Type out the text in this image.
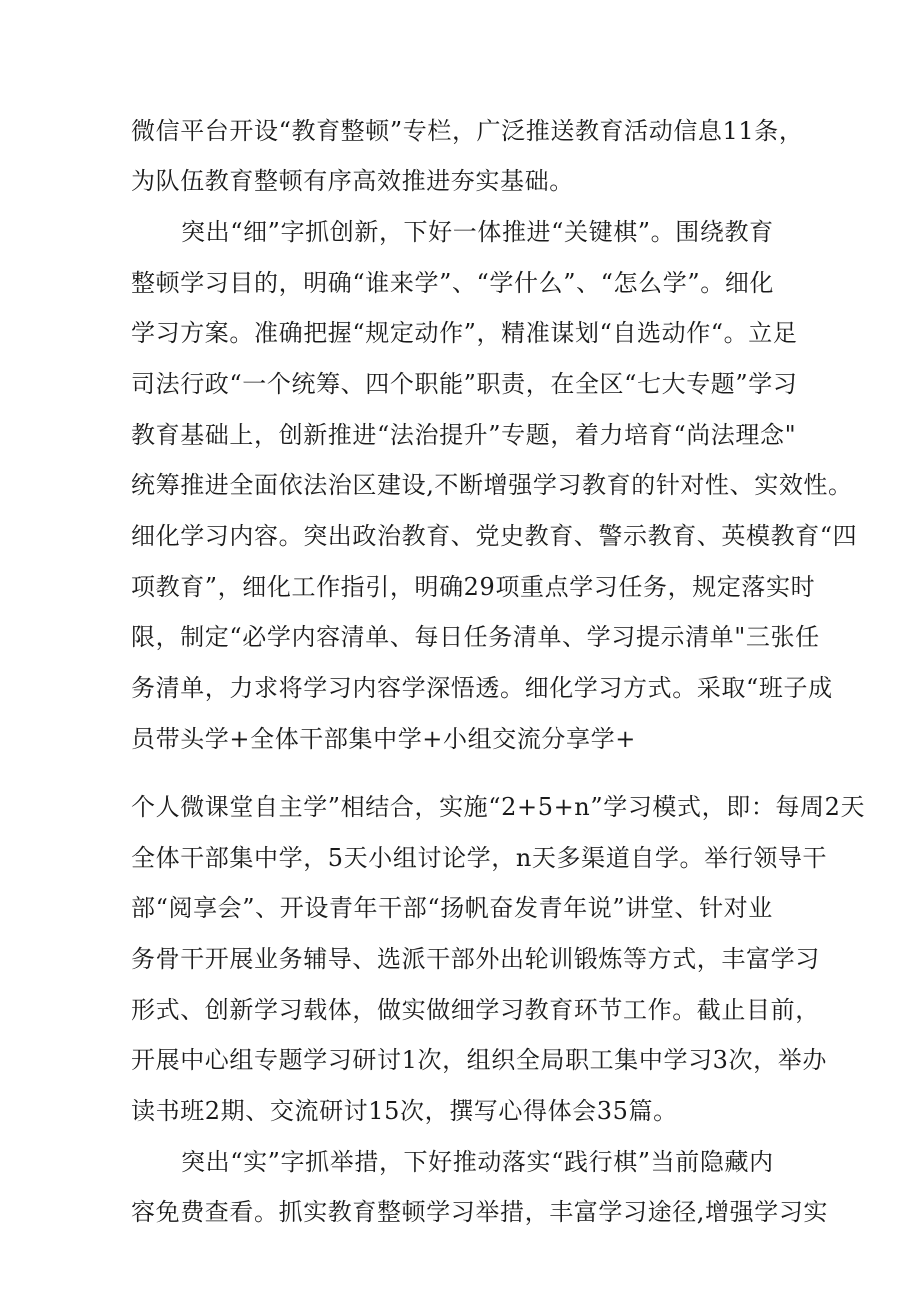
微信平台开设“教育整顿”专栏，广泛推送教育活动信息11条，
为队伍教育整顿有序高效推进夯实基础。
突出“细”字抓创新，下好一体推进“关键棋”。围绕教育
整顿学习目的，明确“谁来学”、“学什么”、“怎么学”。细化
学习方案。准确把握“规定动作”，精准谋划“自选动作“。立足
司法行政“一个统筹、四个职能”职责，在全区“七大专题”学习
教育基础上，创新推进“法治提升”专题，着力培育“尚法理念"
统筹推进全面依法治区建设,不断增强学习教育的针对性、实效性。
细化学习内容。突出政治教育、党史教育、警示教育、英模教育“四
项教育”，细化工作指引，明确29项重点学习任务，规定落实时
限，制定“必学内容清单、每日任务清单、学习提示清单"三张任
务清单，力求将学习内容学深悟透。细化学习方式。采取“班子成
员带头学+全体干部集中学+小组交流分享学+
个人微课堂自主学”相结合，实施“2+5+n”学习模式，即：每周2天
全体干部集中学，5天小组讨论学，n天多渠道自学。举行领导干
部“阅享会”、开设青年干部“扬帆奋发青年说”讲堂、针对业
务骨干开展业务辅导、选派干部外出轮训锻炼等方式，丰富学习
形式、创新学习载体，做实做细学习教育环节工作。截止目前，
开展中心组专题学习研讨1次，组织全局职工集中学习3次，举办
读书班2期、交流研讨15次，撰写心得体会35篇。
突出“实”字抓举措，下好推动落实“践行棋”当前隐藏内
容免费查看。抓实教育整顿学习举措，丰富学习途径,增强学习实
